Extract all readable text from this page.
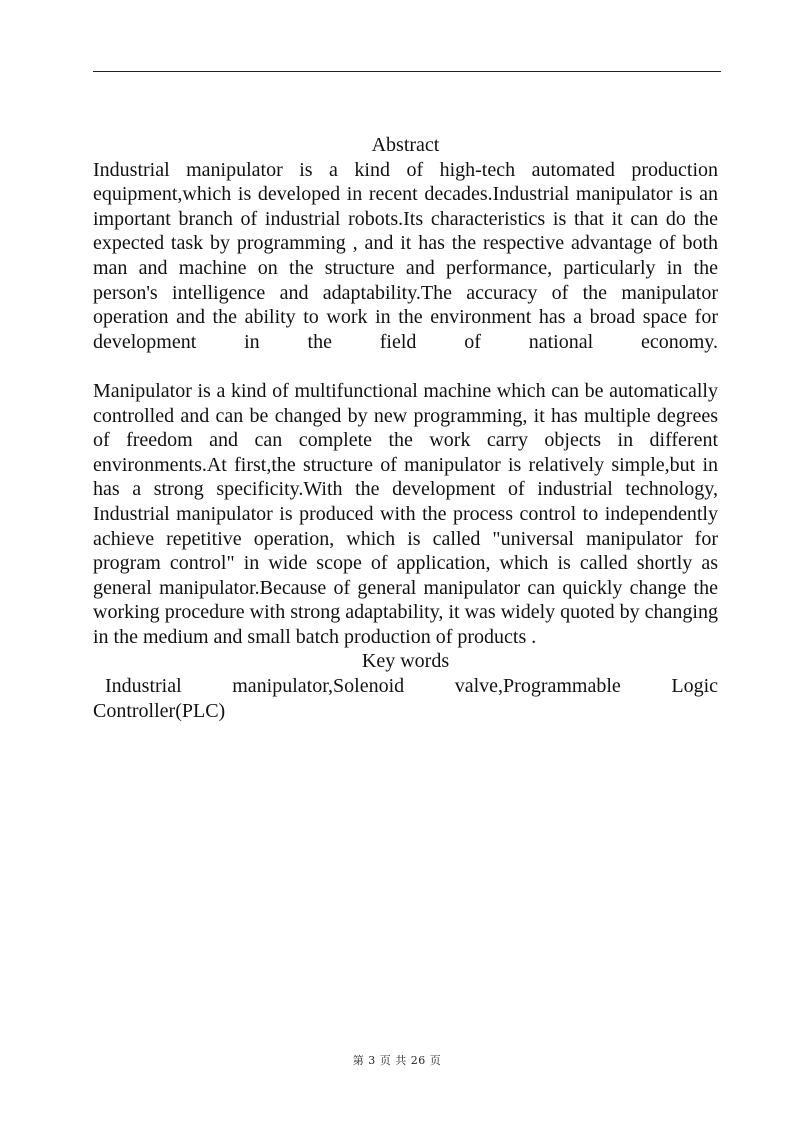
Abstract

Industrial manipulator is a kind of high-tech automated production equipment,which is developed in recent decades.Industrial manipulator is an important branch of industrial robots.Its characteristics is that it can do the expected task by programming , and it has the respective advantage of both man and machine on the structure and performance, particularly in the person's intelligence and adaptability.The accuracy of the manipulator operation and the ability to work in the environment has a broad space for development in the field of national economy.

Manipulator is a kind of multifunctional machine which can be automatically controlled and can be changed by new programming, it has multiple degrees of freedom and can complete the work carry objects in different environments.At first,the structure of manipulator is relatively simple,but in has a strong specificity.With the development of industrial technology, Industrial manipulator is produced with the process control to independently achieve repetitive operation, which is called "universal manipulator for program control" in wide scope of application, which is called shortly as general manipulator.Because of general manipulator can quickly change the working procedure with strong adaptability, it was widely quoted by changing in the medium and small batch production of products .

Key words

Industrial manipulator,Solenoid valve,Programmable Logic Controller(PLC)

第 3 页 共 26 页
